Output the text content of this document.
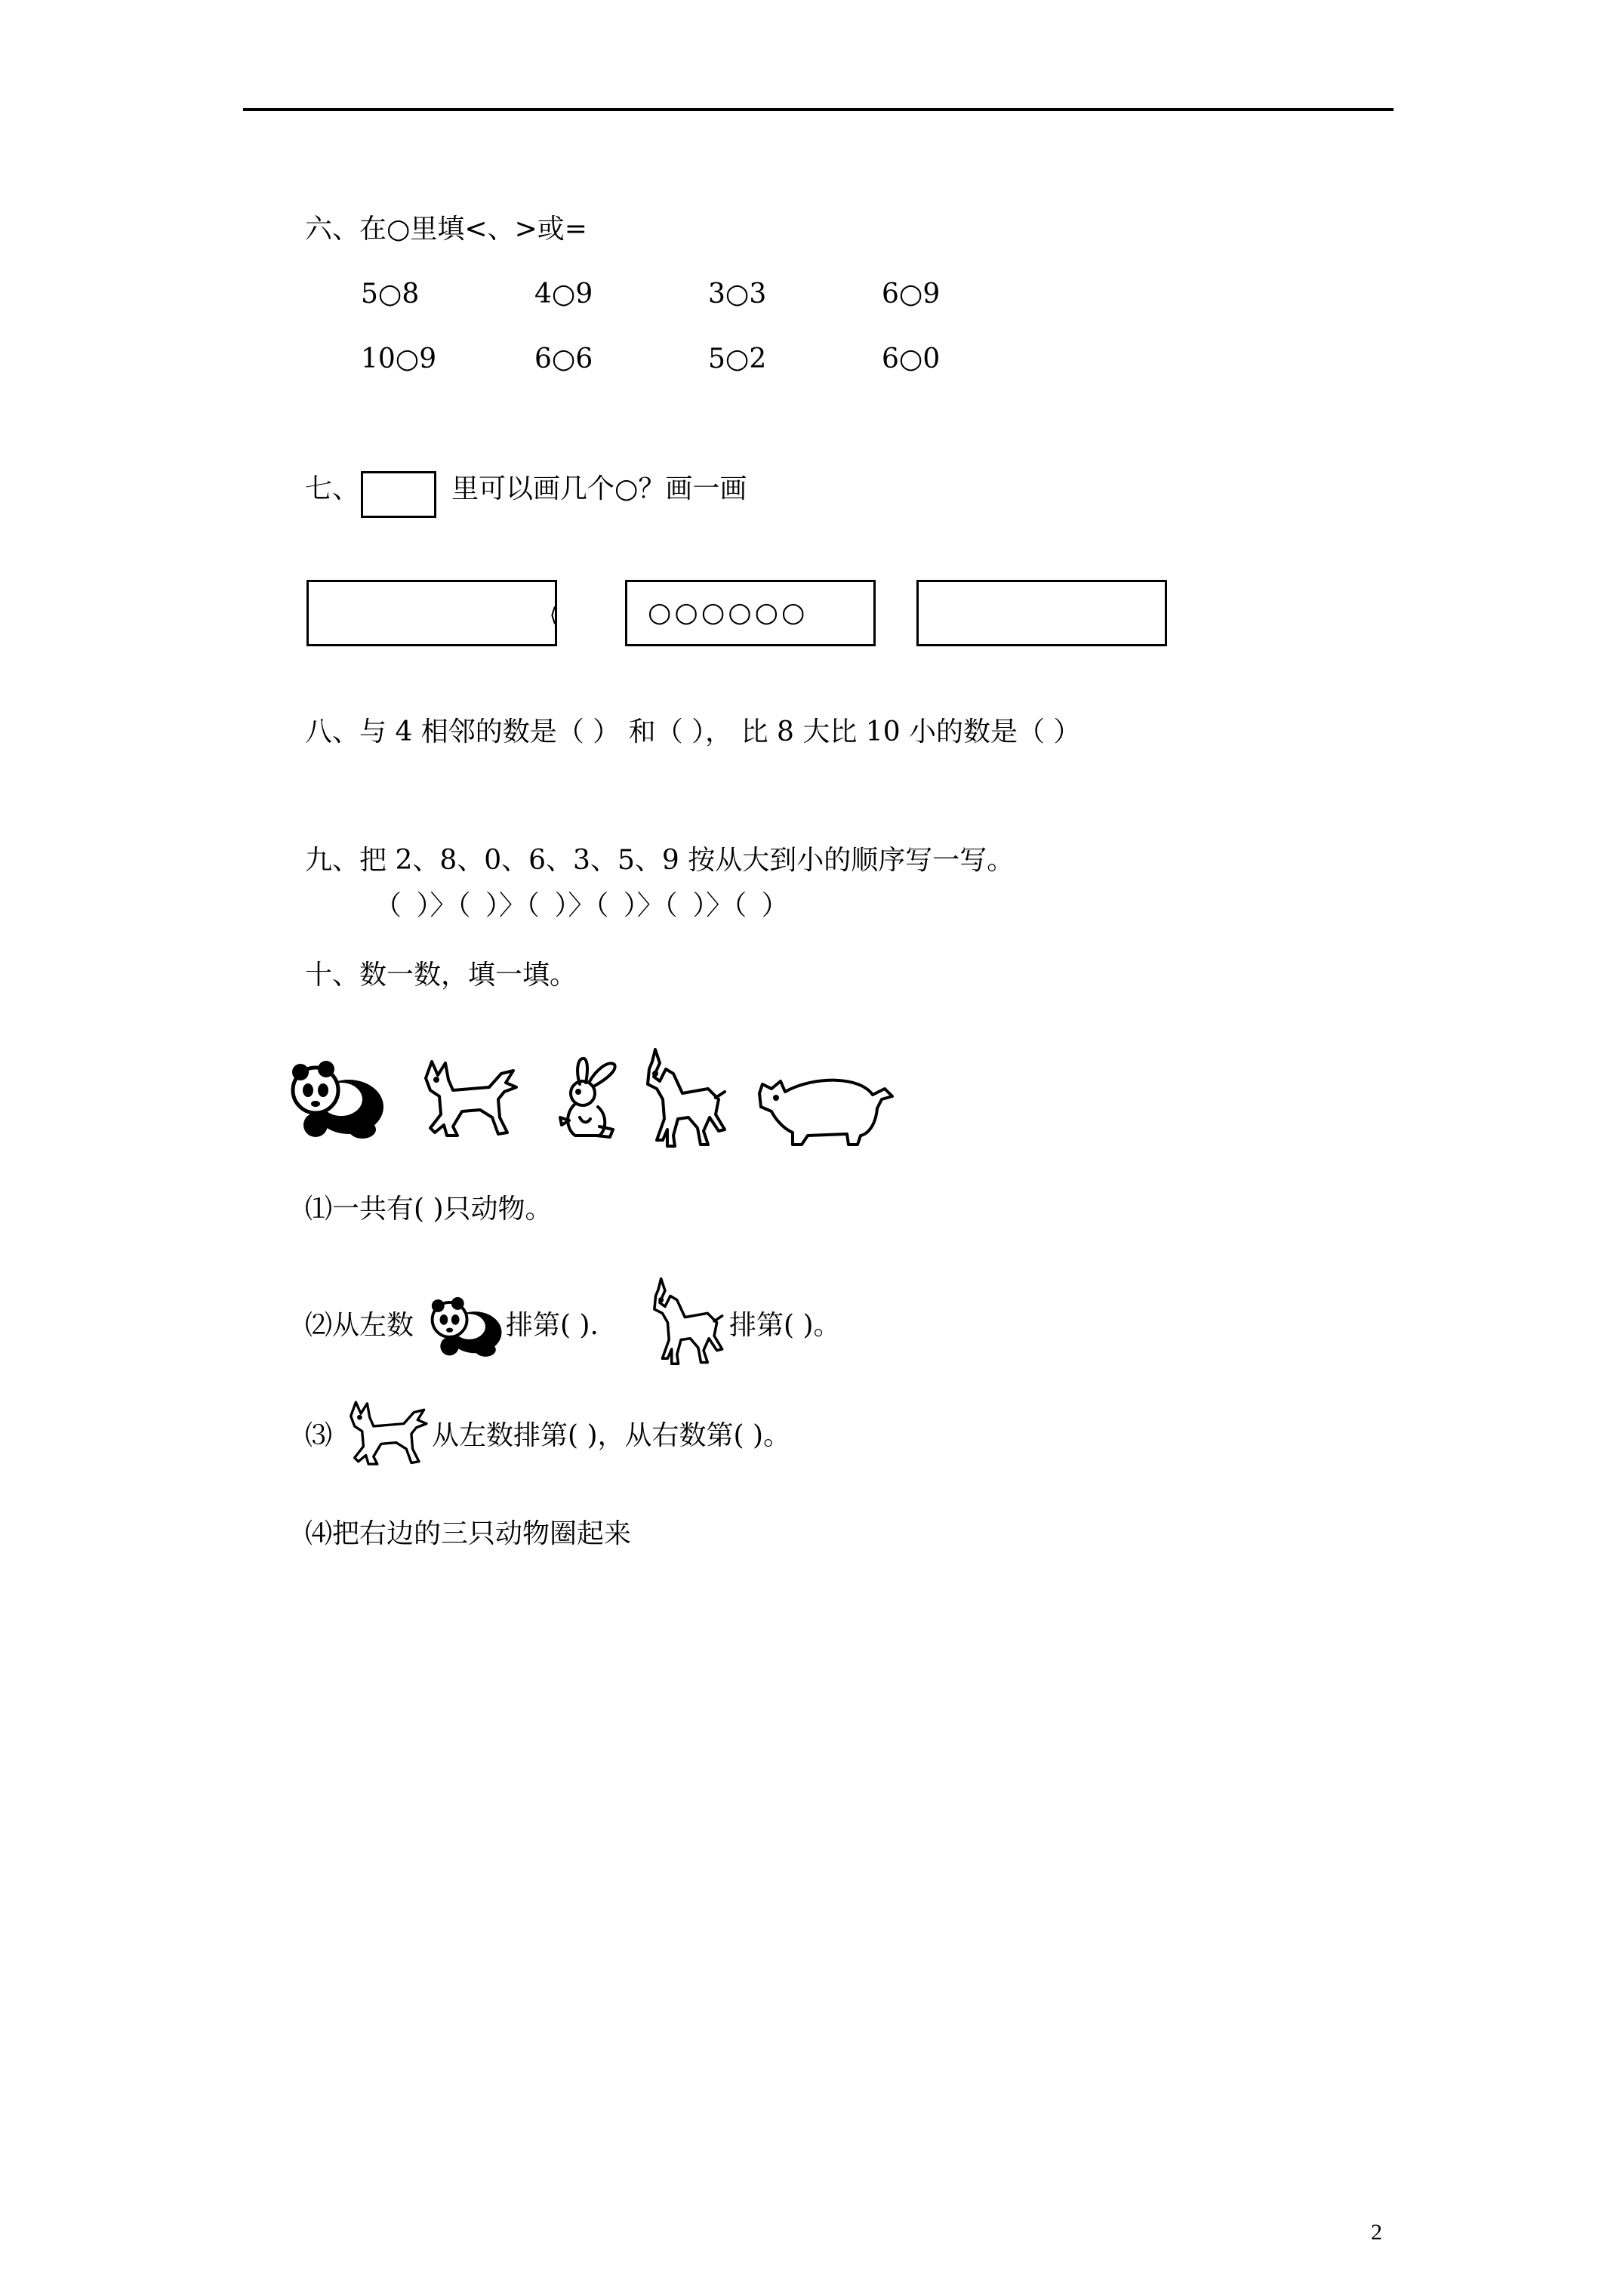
六、在○里填<、>或=
5○8	4○9	3○3	6○9
10○9	6○6	5○2	6○0
七、	里可以画几个○？画一画
⟨	○○○○○○
八、与 4 相邻的数是（ ） 和（ ）， 比 8 大比 10 小的数是（ ）
九、把 2、8、0、6、3、5、9 按从大到小的顺序写一写。
（ ）〉（ ）〉（ ）〉（ ）〉（ ）〉（ ）
十、数一数，填一填。
⑴一共有( )只动物。
⑵从左数	排第( ).	排第( )。
⑶	从左数排第( )，从右数第( )。
⑷把右边的三只动物圈起来
2
